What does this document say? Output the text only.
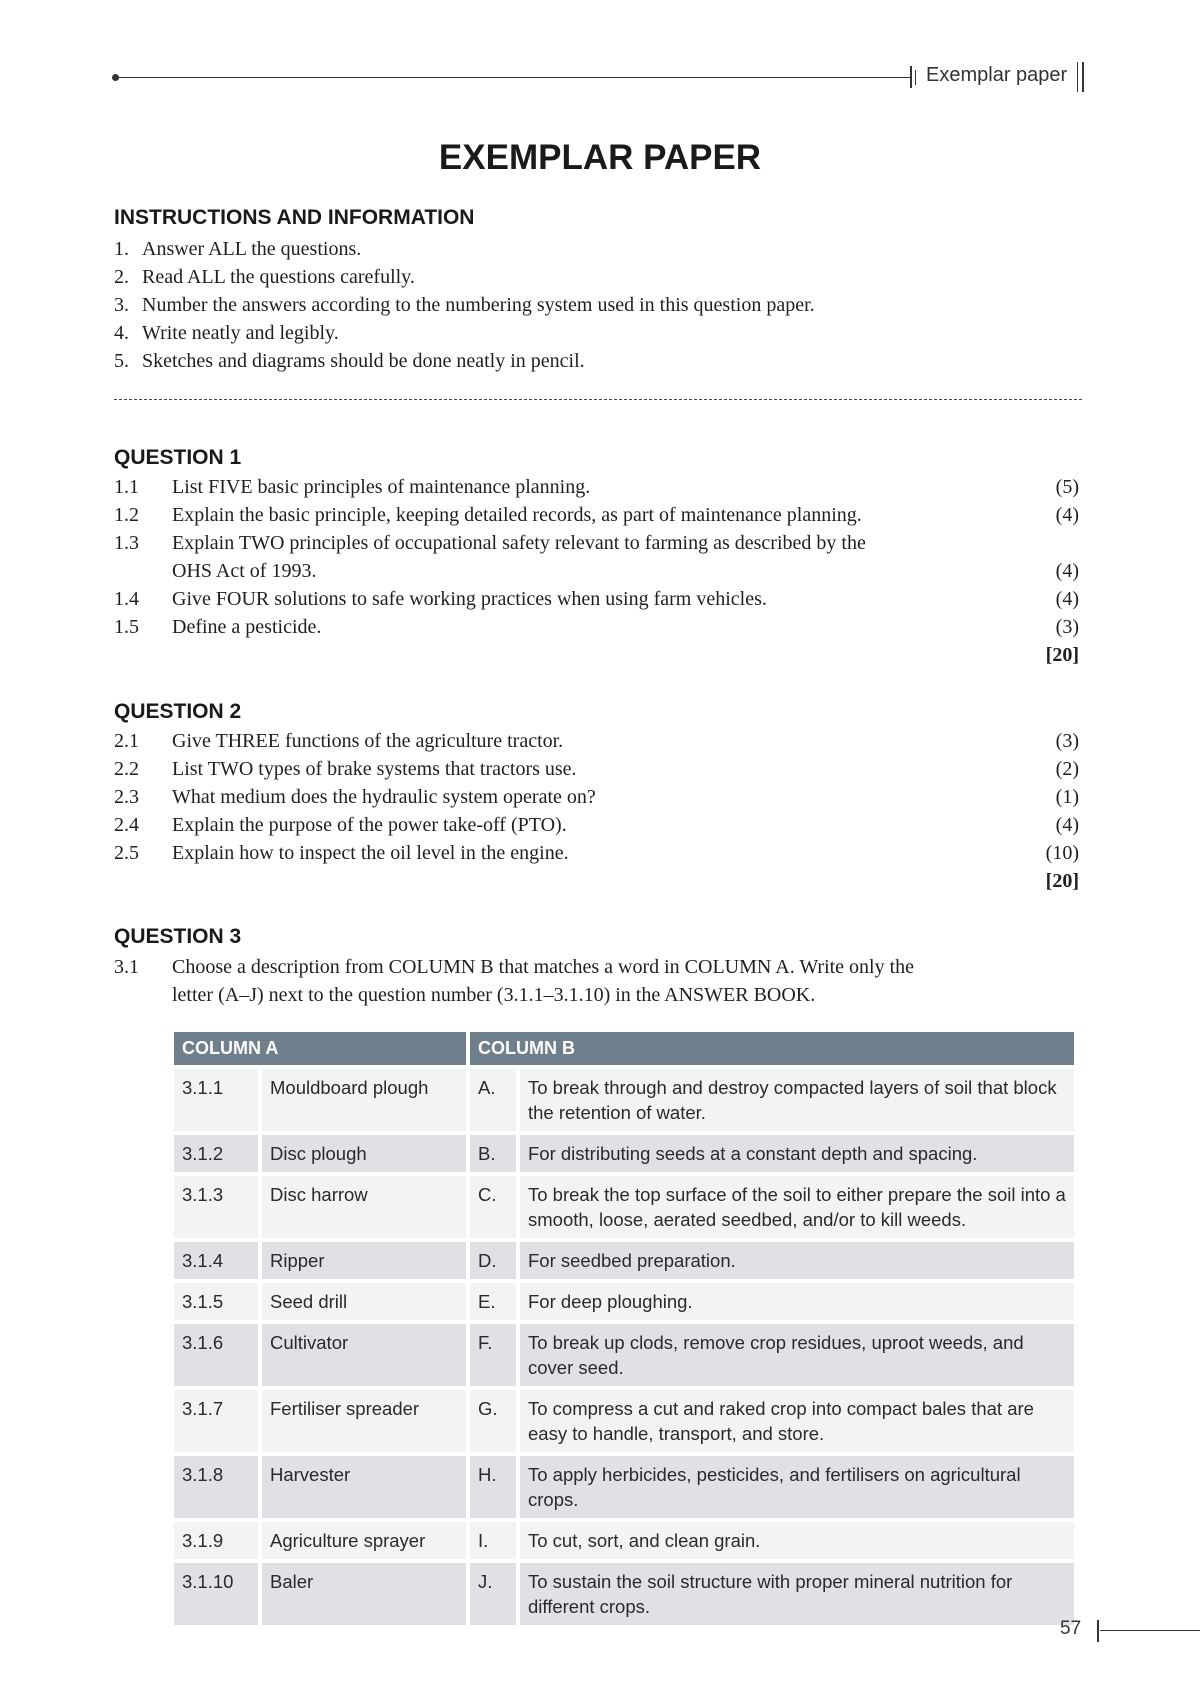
Exemplar paper
EXEMPLAR PAPER
INSTRUCTIONS AND INFORMATION
1. Answer ALL the questions.
2. Read ALL the questions carefully.
3. Number the answers according to the numbering system used in this question paper.
4. Write neatly and legibly.
5. Sketches and diagrams should be done neatly in pencil.
QUESTION 1
1.1	List FIVE basic principles of maintenance planning.	(5)
1.2	Explain the basic principle, keeping detailed records, as part of maintenance planning.	(4)
1.3	Explain TWO principles of occupational safety relevant to farming as described by the
OHS Act of 1993.	(4)
1.4	Give FOUR solutions to safe working practices when using farm vehicles.	(4)
1.5	Define a pesticide.	(3)
[20]
QUESTION 2
2.1	Give THREE functions of the agriculture tractor.	(3)
2.2	List TWO types of brake systems that tractors use.	(2)
2.3	What medium does the hydraulic system operate on?	(1)
2.4	Explain the purpose of the power take-off (PTO).	(4)
2.5	Explain how to inspect the oil level in the engine.	(10)
[20]
QUESTION 3
3.1	Choose a description from COLUMN B that matches a word in COLUMN A. Write only the
letter (A–J) next to the question number (3.1.1–3.1.10) in the ANSWER BOOK.
COLUMN A		COLUMN B	
3.1.1	Mouldboard plough	A.	To break through and destroy compacted layers of soil that block the retention of water.
3.1.2	Disc plough	B.	For distributing seeds at a constant depth and spacing.
3.1.3	Disc harrow	C.	To break the top surface of the soil to either prepare the soil into a smooth, loose, aerated seedbed, and/or to kill weeds.
3.1.4	Ripper	D.	For seedbed preparation.
3.1.5	Seed drill	E.	For deep ploughing.
3.1.6	Cultivator	F.	To break up clods, remove crop residues, uproot weeds, and cover seed.
3.1.7	Fertiliser spreader	G.	To compress a cut and raked crop into compact bales that are easy to handle, transport, and store.
3.1.8	Harvester	H.	To apply herbicides, pesticides, and fertilisers on agricultural crops.
3.1.9	Agriculture sprayer	I.	To cut, sort, and clean grain.
3.1.10	Baler	J.	To sustain the soil structure with proper mineral nutrition for different crops.
57
